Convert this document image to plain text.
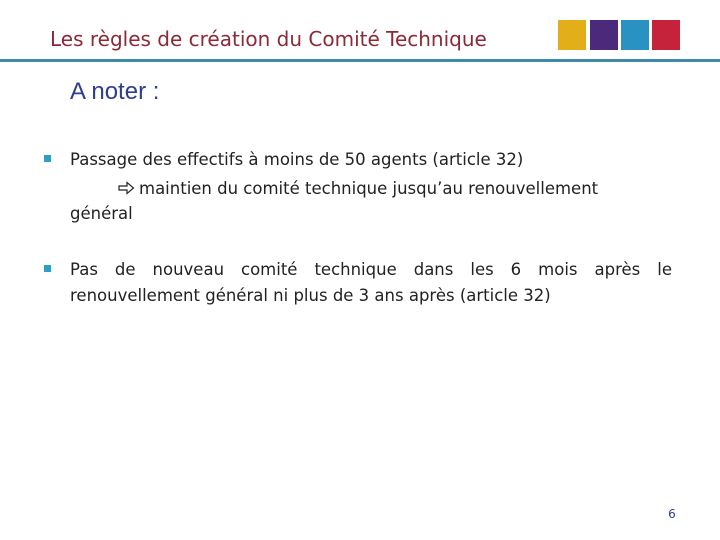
Les règles de création du Comité Technique
A noter :
Passage des effectifs à moins de 50 agents (article 32)
maintien du comité technique jusqu’au renouvellement
général
Pas de nouveau comité technique dans les 6 mois après le renouvellement général ni plus de 3 ans après (article 32)
6
